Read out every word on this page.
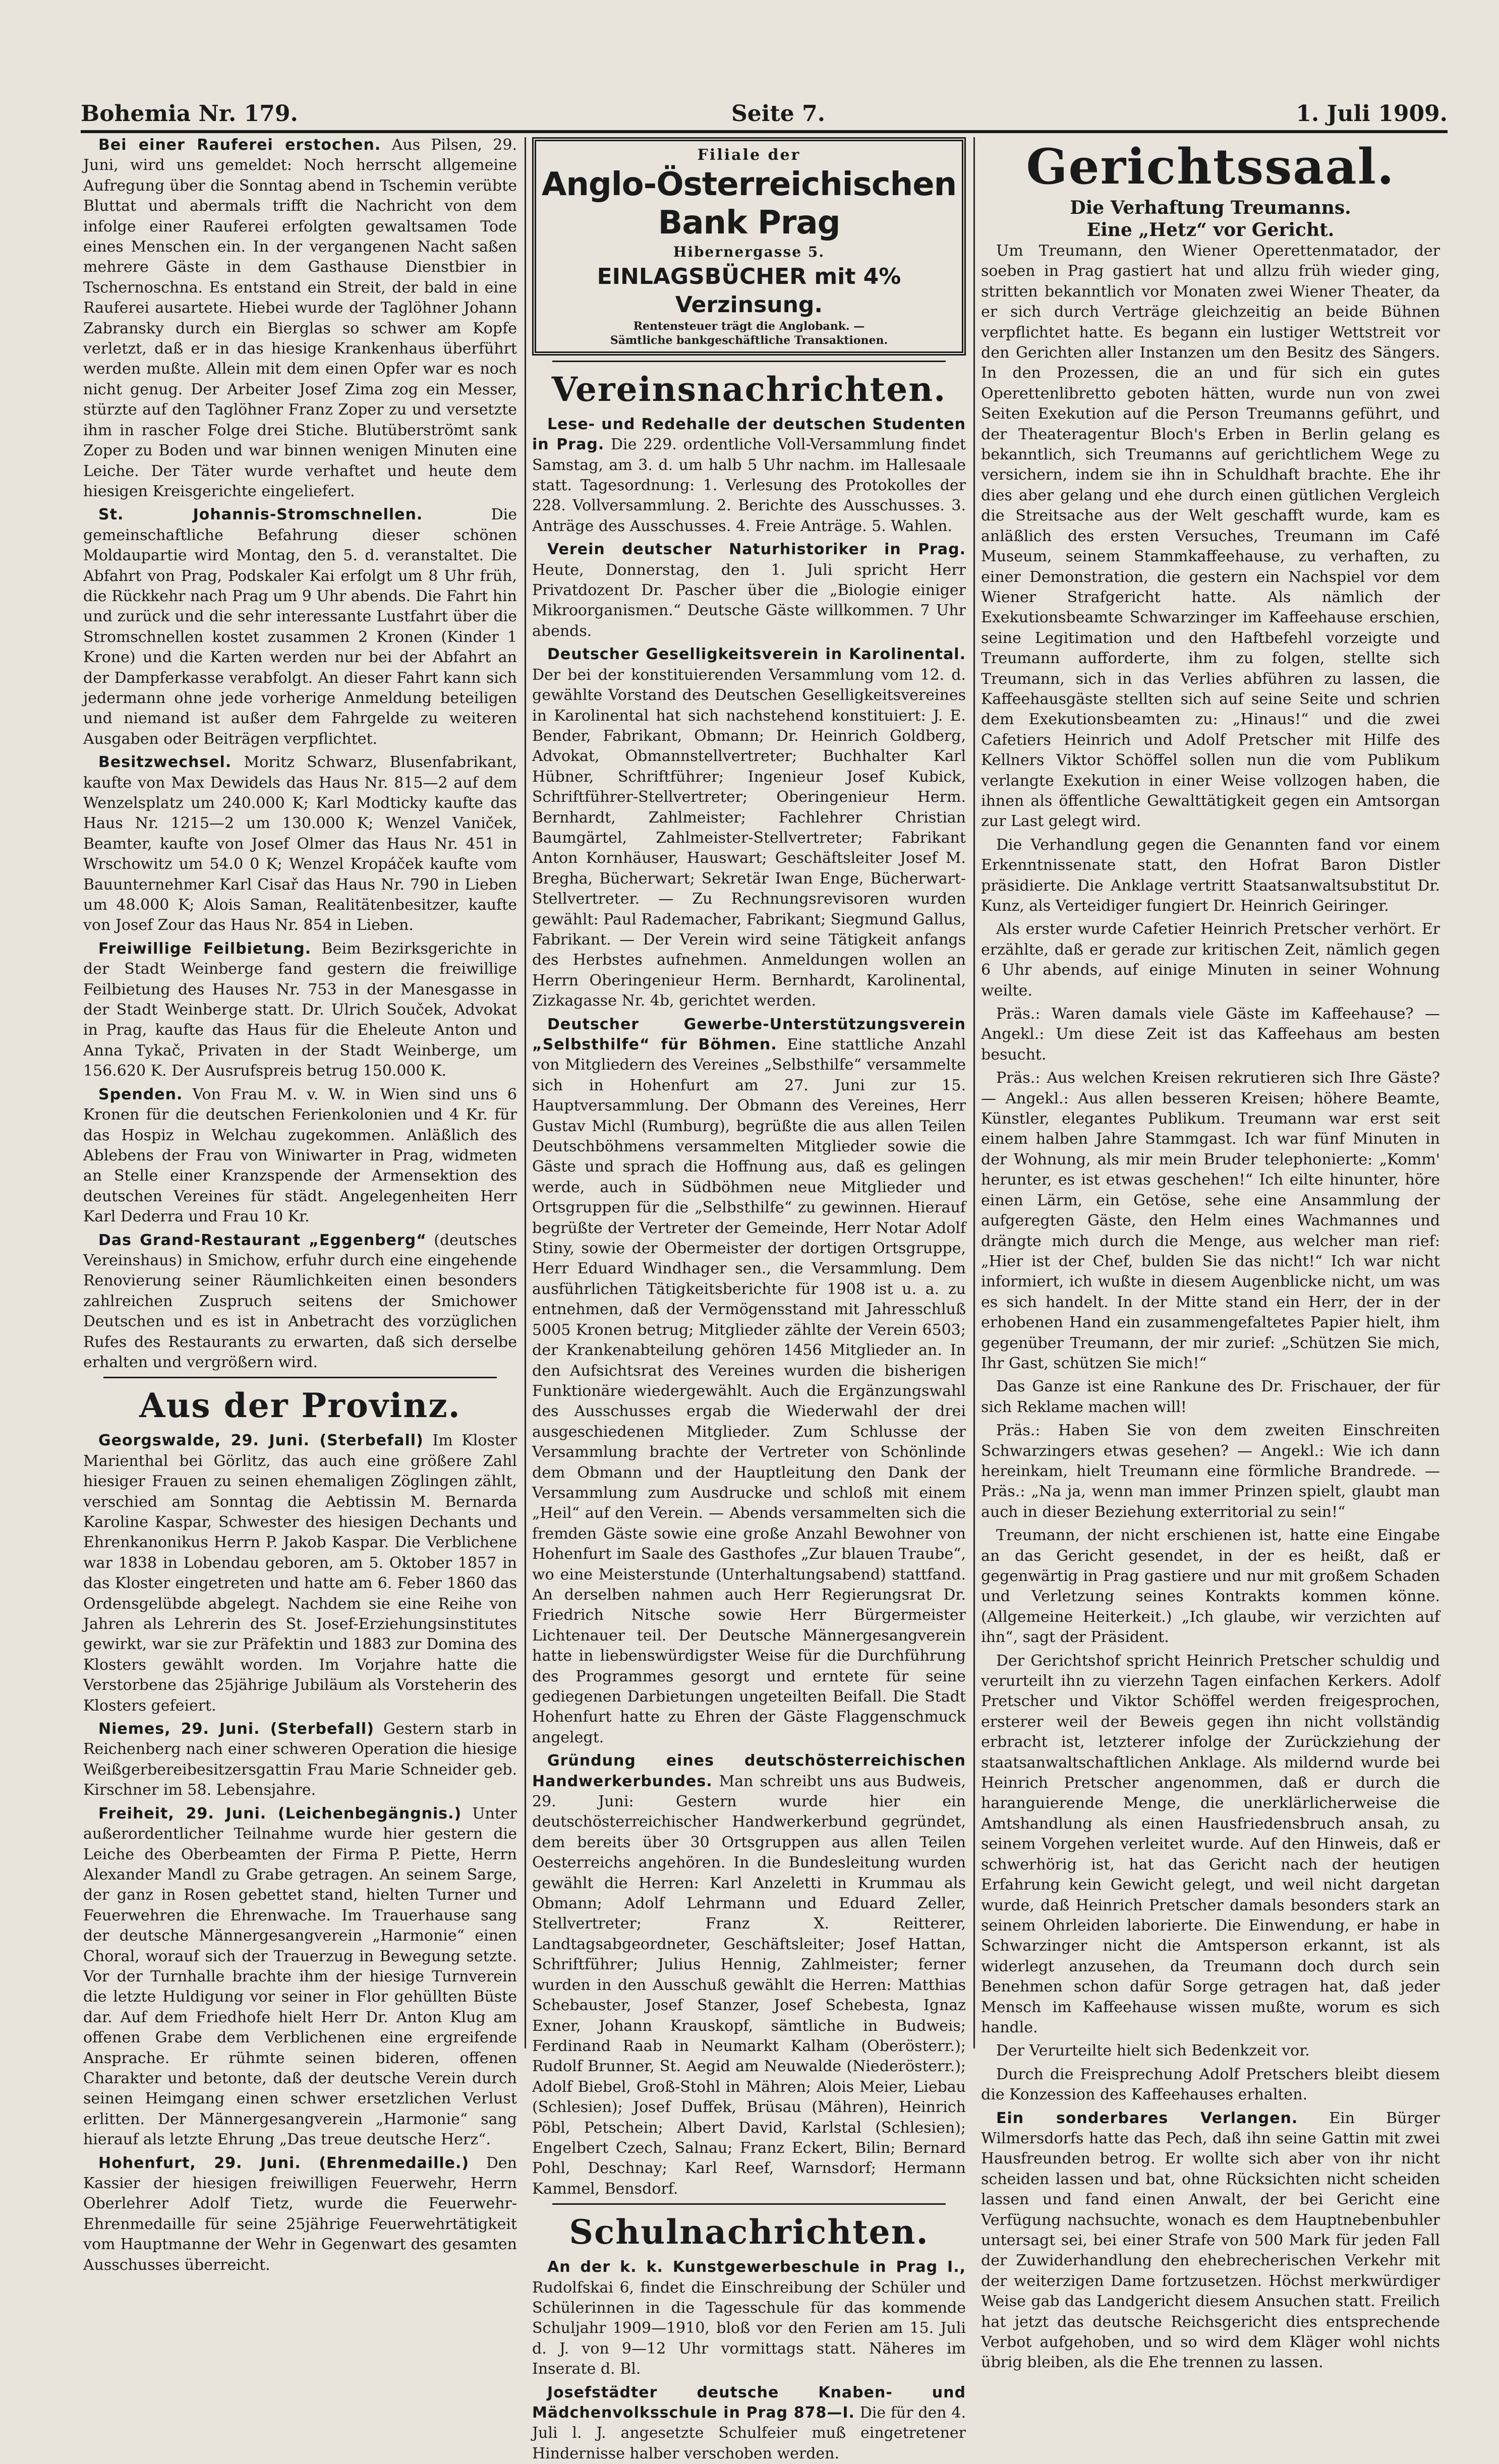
Bohemia Nr. 179.	Seite 7.	1. Juli 1909.

Bei einer Rauferei erstochen. Aus Pilsen, 29. Juni, wird uns gemeldet: Noch herrscht allgemeine Aufregung über die Sonntag abend in Tschemin verübte Bluttat und abermals trifft die Nachricht von dem infolge einer Rauferei erfolgten gewaltsamen Tode eines Menschen ein. In der vergangenen Nacht saßen mehrere Gäste in dem Gasthause Dienstbier in Tschernoschna. Es entstand ein Streit, der bald in eine Rauferei ausartete. Hiebei wurde der Taglöhner Johann Zabransky durch ein Bierglas so schwer am Kopfe verletzt, daß er in das hiesige Krankenhaus überführt werden mußte. Allein mit dem einen Opfer war es noch nicht genug. Der Arbeiter Josef Zima zog ein Messer, stürzte auf den Taglöhner Franz Zoper zu und versetzte ihm in rascher Folge drei Stiche. Blutüberströmt sank Zoper zu Boden und war binnen wenigen Minuten eine Leiche. Der Täter wurde verhaftet und heute dem hiesigen Kreisgerichte eingeliefert.

St. Johannis-Stromschnellen.	Die gemeinschaftliche Befahrung dieser schönen Moldaupartie wird Montag, den 5. d. veranstaltet. Die Abfahrt von Prag, Podskaler Kai erfolgt um 8 Uhr früh, die Rückkehr nach Prag um 9 Uhr abends. Die Fahrt hin und zurück und die sehr interessante Lustfahrt über die Stromschnellen kostet zusammen 2 Kronen (Kinder 1 Krone) und die Karten werden nur bei der Abfahrt an der Dampferkasse verabfolgt. An dieser Fahrt kann sich jedermann ohne jede vorherige Anmeldung beteiligen und niemand ist außer dem Fahrgelde zu weiteren Ausgaben oder Beiträgen verpflichtet.

Besitzwechsel. Moritz Schwarz, Blusenfabrikant, kaufte von Max Dewidels das Haus Nr. 815—2 auf dem Wenzelsplatz um 240.000 K; Karl Modticky kaufte das Haus Nr. 1215—2 um 130.000 K; Wenzel Vaniček, Beamter, kaufte von Josef Olmer das Haus Nr. 451 in Wrschowitz um 54.0 0 K; Wenzel Kropáček kaufte vom Bauunternehmer Karl Cisař das Haus Nr. 790 in Lieben um 48.000 K; Alois Saman, Realitätenbesitzer, kaufte von Josef Zour das Haus Nr. 854 in Lieben.

Freiwillige Feilbietung. Beim Bezirksgerichte in der Stadt Weinberge fand gestern die freiwillige Feilbietung des Hauses Nr. 753 in der Manesgasse in der Stadt Weinberge statt. Dr. Ulrich Souček, Advokat in Prag, kaufte das Haus für die Eheleute Anton und Anna Tykač, Privaten in der Stadt Weinberge, um 156.620 K. Der Ausrufspreis betrug 150.000 K.

Spenden. Von Frau M. v. W. in Wien sind uns 6 Kronen für die deutschen Ferienkolonien und 4 Kr. für das Hospiz in Welchau zugekommen. Anläßlich des Ablebens der Frau von Winiwarter in Prag, widmeten an Stelle einer Kranzspende der Armensektion des deutschen Vereines für städt. Angelegenheiten Herr Karl Dederra und Frau 10 Kr.

Das Grand-Restaurant „Eggenberg“ (deutsches Vereinshaus) in Smichow, erfuhr durch eine eingehende Renovierung seiner Räumlichkeiten einen besonders zahlreichen Zuspruch seitens der Smichower Deutschen und es ist in Anbetracht des vorzüglichen Rufes des Restaurants zu erwarten, daß sich derselbe erhalten und vergrößern wird.

Aus der Provinz.

Georgswalde, 29. Juni. (Sterbefall) Im Kloster Marienthal bei Görlitz, das auch eine größere Zahl hiesiger Frauen zu seinen ehemaligen Zöglingen zählt, verschied am Sonntag die Aebtissin M. Bernarda Karoline Kaspar, Schwester des hiesigen Dechants und Ehrenkanonikus Herrn P. Jakob Kaspar. Die Verblichene war 1838 in Lobendau geboren, am 5. Oktober 1857 in das Kloster eingetreten und hatte am 6. Feber 1860 das Ordensgelübde abgelegt. Nachdem sie eine Reihe von Jahren als Lehrerin des St. Josef-Erziehungsinstitutes gewirkt, war sie zur Präfektin und 1883 zur Domina des Klosters gewählt worden. Im Vorjahre hatte die Verstorbene das 25jährige Jubiläum als Vorsteherin des Klosters gefeiert.

Niemes, 29. Juni. (Sterbefall) Gestern starb in Reichenberg nach einer schweren Operation die hiesige Weißgerbereibesitzersgattin Frau Marie Schneider geb. Kirschner im 58. Lebensjahre.

Freiheit, 29. Juni. (Leichenbegängnis.) Unter außerordentlicher Teilnahme wurde hier gestern die Leiche des Oberbeamten der Firma P. Piette, Herrn Alexander Mandl zu Grabe getragen. An seinem Sarge, der ganz in Rosen gebettet stand, hielten Turner und Feuerwehren die Ehrenwache. Im Trauerhause sang der deutsche Männergesangverein „Harmonie“ einen Choral, worauf sich der Trauerzug in Bewegung setzte. Vor der Turnhalle brachte ihm der hiesige Turnverein die letzte Huldigung vor seiner in Flor gehüllten Büste dar. Auf dem Friedhofe hielt Herr Dr. Anton Klug am offenen Grabe dem Verblichenen eine ergreifende Ansprache. Er rühmte seinen bideren, offenen Charakter und betonte, daß der deutsche Verein durch seinen Heimgang einen schwer ersetzlichen Verlust erlitten. Der Männergesangverein „Harmonie“ sang hierauf als letzte Ehrung „Das treue deutsche Herz“.

Hohenfurt, 29. Juni. (Ehrenmedaille.) Den Kassier der hiesigen freiwilligen Feuerwehr, Herrn Oberlehrer Adolf Tietz, wurde die Feuerwehr-Ehrenmedaille für seine 25jährige Feuerwehrtätigkeit vom Hauptmanne der Wehr in Gegenwart des gesamten Ausschusses überreicht.

Filiale der
Anglo-Österreichischen Bank Prag
Hibernergasse 5.
EINLAGSBÜCHER mit 4% Verzinsung.
Rentensteuer trägt die Anglobank. —
Sämtliche bankgeschäftliche Transaktionen.
Vereinsnachrichten.

Lese- und Redehalle der deutschen Studenten in Prag. Die 229. ordentliche Voll-Versammlung findet Samstag, am 3. d. um halb 5 Uhr nachm. im Hallesaale statt. Tagesordnung: 1. Verlesung des Protokolles der 228. Vollversammlung. 2. Berichte des Ausschusses. 3. Anträge des Ausschusses. 4. Freie Anträge. 5. Wahlen.

Verein deutscher Naturhistoriker in Prag. Heute, Donnerstag, den 1. Juli spricht Herr Privatdozent Dr. Pascher über die „Biologie einiger Mikroorganismen.“ Deutsche Gäste willkommen. 7 Uhr abends.

Deutscher Geselligkeitsverein in Karolinental. Der bei der konstituierenden Versammlung vom 12. d. gewählte Vorstand des Deutschen Geselligkeitsvereines in Karolinental hat sich nachstehend konstituiert: J. E. Bender, Fabrikant, Obmann; Dr. Heinrich Goldberg, Advokat, Obmannstellvertreter; Buchhalter Karl Hübner, Schriftführer; Ingenieur Josef Kubick, Schriftführer-Stellvertreter; Oberingenieur Herm. Bernhardt, Zahlmeister; Fachlehrer Christian Baumgärtel, Zahlmeister-Stellvertreter; Fabrikant Anton Kornhäuser, Hauswart; Geschäftsleiter Josef M. Bregha, Bücherwart; Sekretär Iwan Enge, Bücherwart-Stellvertreter. — Zu Rechnungsrevisoren wurden gewählt: Paul Rademacher, Fabrikant; Siegmund Gallus, Fabrikant. — Der Verein wird seine Tätigkeit anfangs des Herbstes aufnehmen. Anmeldungen wollen an Herrn Oberingenieur Herm. Bernhardt, Karolinental, Zizkagasse Nr. 4b, gerichtet werden.

Deutscher Gewerbe-Unterstützungsverein „Selbsthilfe“ für Böhmen. Eine stattliche Anzahl von Mitgliedern des Vereines „Selbsthilfe“ versammelte sich in Hohenfurt am 27. Juni zur 15. Hauptversammlung. Der Obmann des Vereines, Herr Gustav Michl (Rumburg), begrüßte die aus allen Teilen Deutschböhmens versammelten Mitglieder sowie die Gäste und sprach die Hoffnung aus, daß es gelingen werde, auch in Südböhmen neue Mitglieder und Ortsgruppen für die „Selbsthilfe“ zu gewinnen. Hierauf begrüßte der Vertreter der Gemeinde, Herr Notar Adolf Stiny, sowie der Obermeister der dortigen Ortsgruppe, Herr Eduard Windhager sen., die Versammlung. Dem ausführlichen Tätigkeitsberichte für 1908 ist u. a. zu entnehmen, daß der Vermögensstand mit Jahresschluß 5005 Kronen betrug; Mitglieder zählte der Verein 6503; der Krankenabteilung gehören 1456 Mitglieder an. In den Aufsichtsrat des Vereines wurden die bisherigen Funktionäre wiedergewählt. Auch die Ergänzungswahl des Ausschusses ergab die Wiederwahl der drei ausgeschiedenen Mitglieder. Zum Schlusse der Versammlung brachte der Vertreter von Schönlinde dem Obmann und der Hauptleitung den Dank der Versammlung zum Ausdrucke und schloß mit einem „Heil“ auf den Verein. — Abends versammelten sich die fremden Gäste sowie eine große Anzahl Bewohner von Hohenfurt im Saale des Gasthofes „Zur blauen Traube“, wo eine Meisterstunde (Unterhaltungsabend) stattfand. An derselben nahmen auch Herr Regierungsrat Dr. Friedrich Nitsche sowie Herr Bürgermeister Lichtenauer teil. Der Deutsche Männergesangverein hatte in liebenswürdigster Weise für die Durchführung des Programmes gesorgt und erntete für seine gediegenen Darbietungen ungeteilten Beifall. Die Stadt Hohenfurt hatte zu Ehren der Gäste Flaggenschmuck angelegt.

Gründung eines deutschösterreichischen Handwerkerbundes. Man schreibt uns aus Budweis, 29. Juni: Gestern wurde hier ein deutschösterreichischer Handwerkerbund gegründet, dem bereits über 30 Ortsgruppen aus allen Teilen Oesterreichs angehören. In die Bundesleitung wurden gewählt die Herren: Karl Anzeletti in Krummau als Obmann; Adolf Lehrmann und Eduard Zeller, Stellvertreter; Franz X. Reitterer, Landtagsabgeordneter, Geschäftsleiter; Josef Hattan, Schriftführer; Julius Hennig, Zahlmeister; ferner wurden in den Ausschuß gewählt die Herren: Matthias Schebauster, Josef Stanzer, Josef Schebesta, Ignaz Exner, Johann Krauskopf, sämtliche in Budweis; Ferdinand Raab in Neumarkt Kalham (Oberösterr.); Rudolf Brunner, St. Aegid am Neuwalde (Niederösterr.); Adolf Biebel, Groß-Stohl in Mähren; Alois Meier, Liebau (Schlesien); Josef Duffek, Brüsau (Mähren), Heinrich Pöbl, Petschein; Albert David, Karlstal (Schlesien); Engelbert Czech, Salnau; Franz Eckert, Bilin; Bernard Pohl, Deschnay; Karl Reef, Warnsdorf; Hermann Kammel, Bensdorf.

Schulnachrichten.

An der k. k. Kunstgewerbeschule in Prag I., Rudolfskai 6, findet die Einschreibung der Schüler und Schülerinnen in die Tagesschule für das kommende Schuljahr 1909—1910, bloß vor den Ferien am 15. Juli d. J. von 9—12 Uhr vormittags statt. Näheres im Inserate d. Bl.

Josefstädter deutsche Knaben- und Mädchenvolksschule in Prag 878—I. Die für den 4. Juli l. J. angesetzte Schulfeier muß eingetretener Hindernisse halber verschoben werden.

Gerichtssaal.
Die Verhaftung Treumanns.
Eine „Hetz“ vor Gericht.

Um Treumann, den Wiener Operettenmatador, der soeben in Prag gastiert hat und allzu früh wieder ging, stritten bekanntlich vor Monaten zwei Wiener Theater, da er sich durch Verträge gleichzeitig an beide Bühnen verpflichtet hatte. Es begann ein lustiger Wettstreit vor den Gerichten aller Instanzen um den Besitz des Sängers. In den Prozessen, die an und für sich ein gutes Operettenlibretto geboten hätten, wurde nun von zwei Seiten Exekution auf die Person Treumanns geführt, und der Theateragentur Bloch's Erben in Berlin gelang es bekanntlich, sich Treumanns auf gerichtlichem Wege zu versichern, indem sie ihn in Schuldhaft brachte. Ehe ihr dies aber gelang und ehe durch einen gütlichen Vergleich die Streitsache aus der Welt geschafft wurde, kam es anläßlich des ersten Versuches, Treumann im Café Museum, seinem Stammkaffeehause, zu verhaften, zu einer Demonstration, die gestern ein Nachspiel vor dem Wiener Strafgericht hatte. Als nämlich der Exekutionsbeamte Schwarzinger im Kaffeehause erschien, seine Legitimation und den Haftbefehl vorzeigte und Treumann aufforderte, ihm zu folgen, stellte sich Treumann, sich in das Verlies abführen zu lassen, die Kaffeehausgäste stellten sich auf seine Seite und schrien dem Exekutionsbeamten zu: „Hinaus!“ und die zwei Cafetiers Heinrich und Adolf Pretscher mit Hilfe des Kellners Viktor Schöffel sollen nun die vom Publikum verlangte Exekution in einer Weise vollzogen haben, die ihnen als öffentliche Gewalttätigkeit gegen ein Amtsorgan zur Last gelegt wird.

Die Verhandlung gegen die Genannten fand vor einem Erkenntnissenate statt, den Hofrat Baron Distler präsidierte. Die Anklage vertritt Staatsanwaltsubstitut Dr. Kunz, als Verteidiger fungiert Dr. Heinrich Geiringer.

Als erster wurde Cafetier Heinrich Pretscher verhört. Er erzählte, daß er gerade zur kritischen Zeit, nämlich gegen 6 Uhr abends, auf einige Minuten in seiner Wohnung weilte.

Präs.: Waren damals viele Gäste im Kaffeehause? — Angekl.: Um diese Zeit ist das Kaffeehaus am besten besucht.

Präs.: Aus welchen Kreisen rekrutieren sich Ihre Gäste? — Angekl.: Aus allen besseren Kreisen; höhere Beamte, Künstler, elegantes Publikum. Treumann war erst seit einem halben Jahre Stammgast. Ich war fünf Minuten in der Wohnung, als mir mein Bruder telephonierte: „Komm' herunter, es ist etwas geschehen!“ Ich eilte hinunter, höre einen Lärm, ein Getöse, sehe eine Ansammlung der aufgeregten Gäste, den Helm eines Wachmannes und drängte mich durch die Menge, aus welcher man rief: „Hier ist der Chef, bulden Sie das nicht!“ Ich war nicht informiert, ich wußte in diesem Augenblicke nicht, um was es sich handelt. In der Mitte stand ein Herr, der in der erhobenen Hand ein zusammengefaltetes Papier hielt, ihm gegenüber Treumann, der mir zurief: „Schützen Sie mich, Ihr Gast, schützen Sie mich!“

Das Ganze ist eine Rankune des Dr. Frischauer, der für sich Reklame machen will!

Präs.: Haben Sie von dem zweiten Einschreiten Schwarzingers etwas gesehen? — Angekl.: Wie ich dann hereinkam, hielt Treumann eine förmliche Brandrede. — Präs.: „Na ja, wenn man immer Prinzen spielt, glaubt man auch in dieser Beziehung exterritorial zu sein!“

Treumann, der nicht erschienen ist, hatte eine Eingabe an das Gericht gesendet, in der es heißt, daß er gegenwärtig in Prag gastiere und nur mit großem Schaden und Verletzung seines Kontrakts kommen könne. (Allgemeine Heiterkeit.) „Ich glaube, wir verzichten auf ihn“, sagt der Präsident.

Der Gerichtshof spricht Heinrich Pretscher schuldig und verurteilt ihn zu vierzehn Tagen einfachen Kerkers. Adolf Pretscher und Viktor Schöffel werden freigesprochen, ersterer weil der Beweis gegen ihn nicht vollständig erbracht ist, letzterer infolge der Zurückziehung der staatsanwaltschaftlichen Anklage. Als mildernd wurde bei Heinrich Pretscher angenommen, daß er durch die haranguierende Menge, die unerklärlicherweise die Amtshandlung als einen Hausfriedensbruch ansah, zu seinem Vorgehen verleitet wurde. Auf den Hinweis, daß er schwerhörig ist, hat das Gericht nach der heutigen Erfahrung kein Gewicht gelegt, und weil nicht dargetan wurde, daß Heinrich Pretscher damals besonders stark an seinem Ohrleiden laborierte. Die Einwendung, er habe in Schwarzinger nicht die Amtsperson erkannt, ist als widerlegt anzusehen, da Treumann doch durch sein Benehmen schon dafür Sorge getragen hat, daß jeder Mensch im Kaffeehause wissen mußte, worum es sich handle.

Der Verurteilte hielt sich Bedenkzeit vor.

Durch die Freisprechung Adolf Pretschers bleibt diesem die Konzession des Kaffeehauses erhalten.

Ein sonderbares Verlangen. Ein Bürger Wilmersdorfs hatte das Pech, daß ihn seine Gattin mit zwei Hausfreunden betrog. Er wollte sich aber von ihr nicht scheiden lassen und bat, ohne Rücksichten nicht scheiden lassen und fand einen Anwalt, der bei Gericht eine Verfügung nachsuchte, wonach es dem Hauptnebenbuhler untersagt sei, bei einer Strafe von 500 Mark für jeden Fall der Zuwiderhandlung den ehebrecherischen Verkehr mit der weiterzigen Dame fortzusetzen. Höchst merkwürdiger Weise gab das Landgericht diesem Ansuchen statt. Freilich hat jetzt das deutsche Reichsgericht dies entsprechende Verbot aufgehoben, und so wird dem Kläger wohl nichts übrig bleiben, als die Ehe trennen zu lassen.
